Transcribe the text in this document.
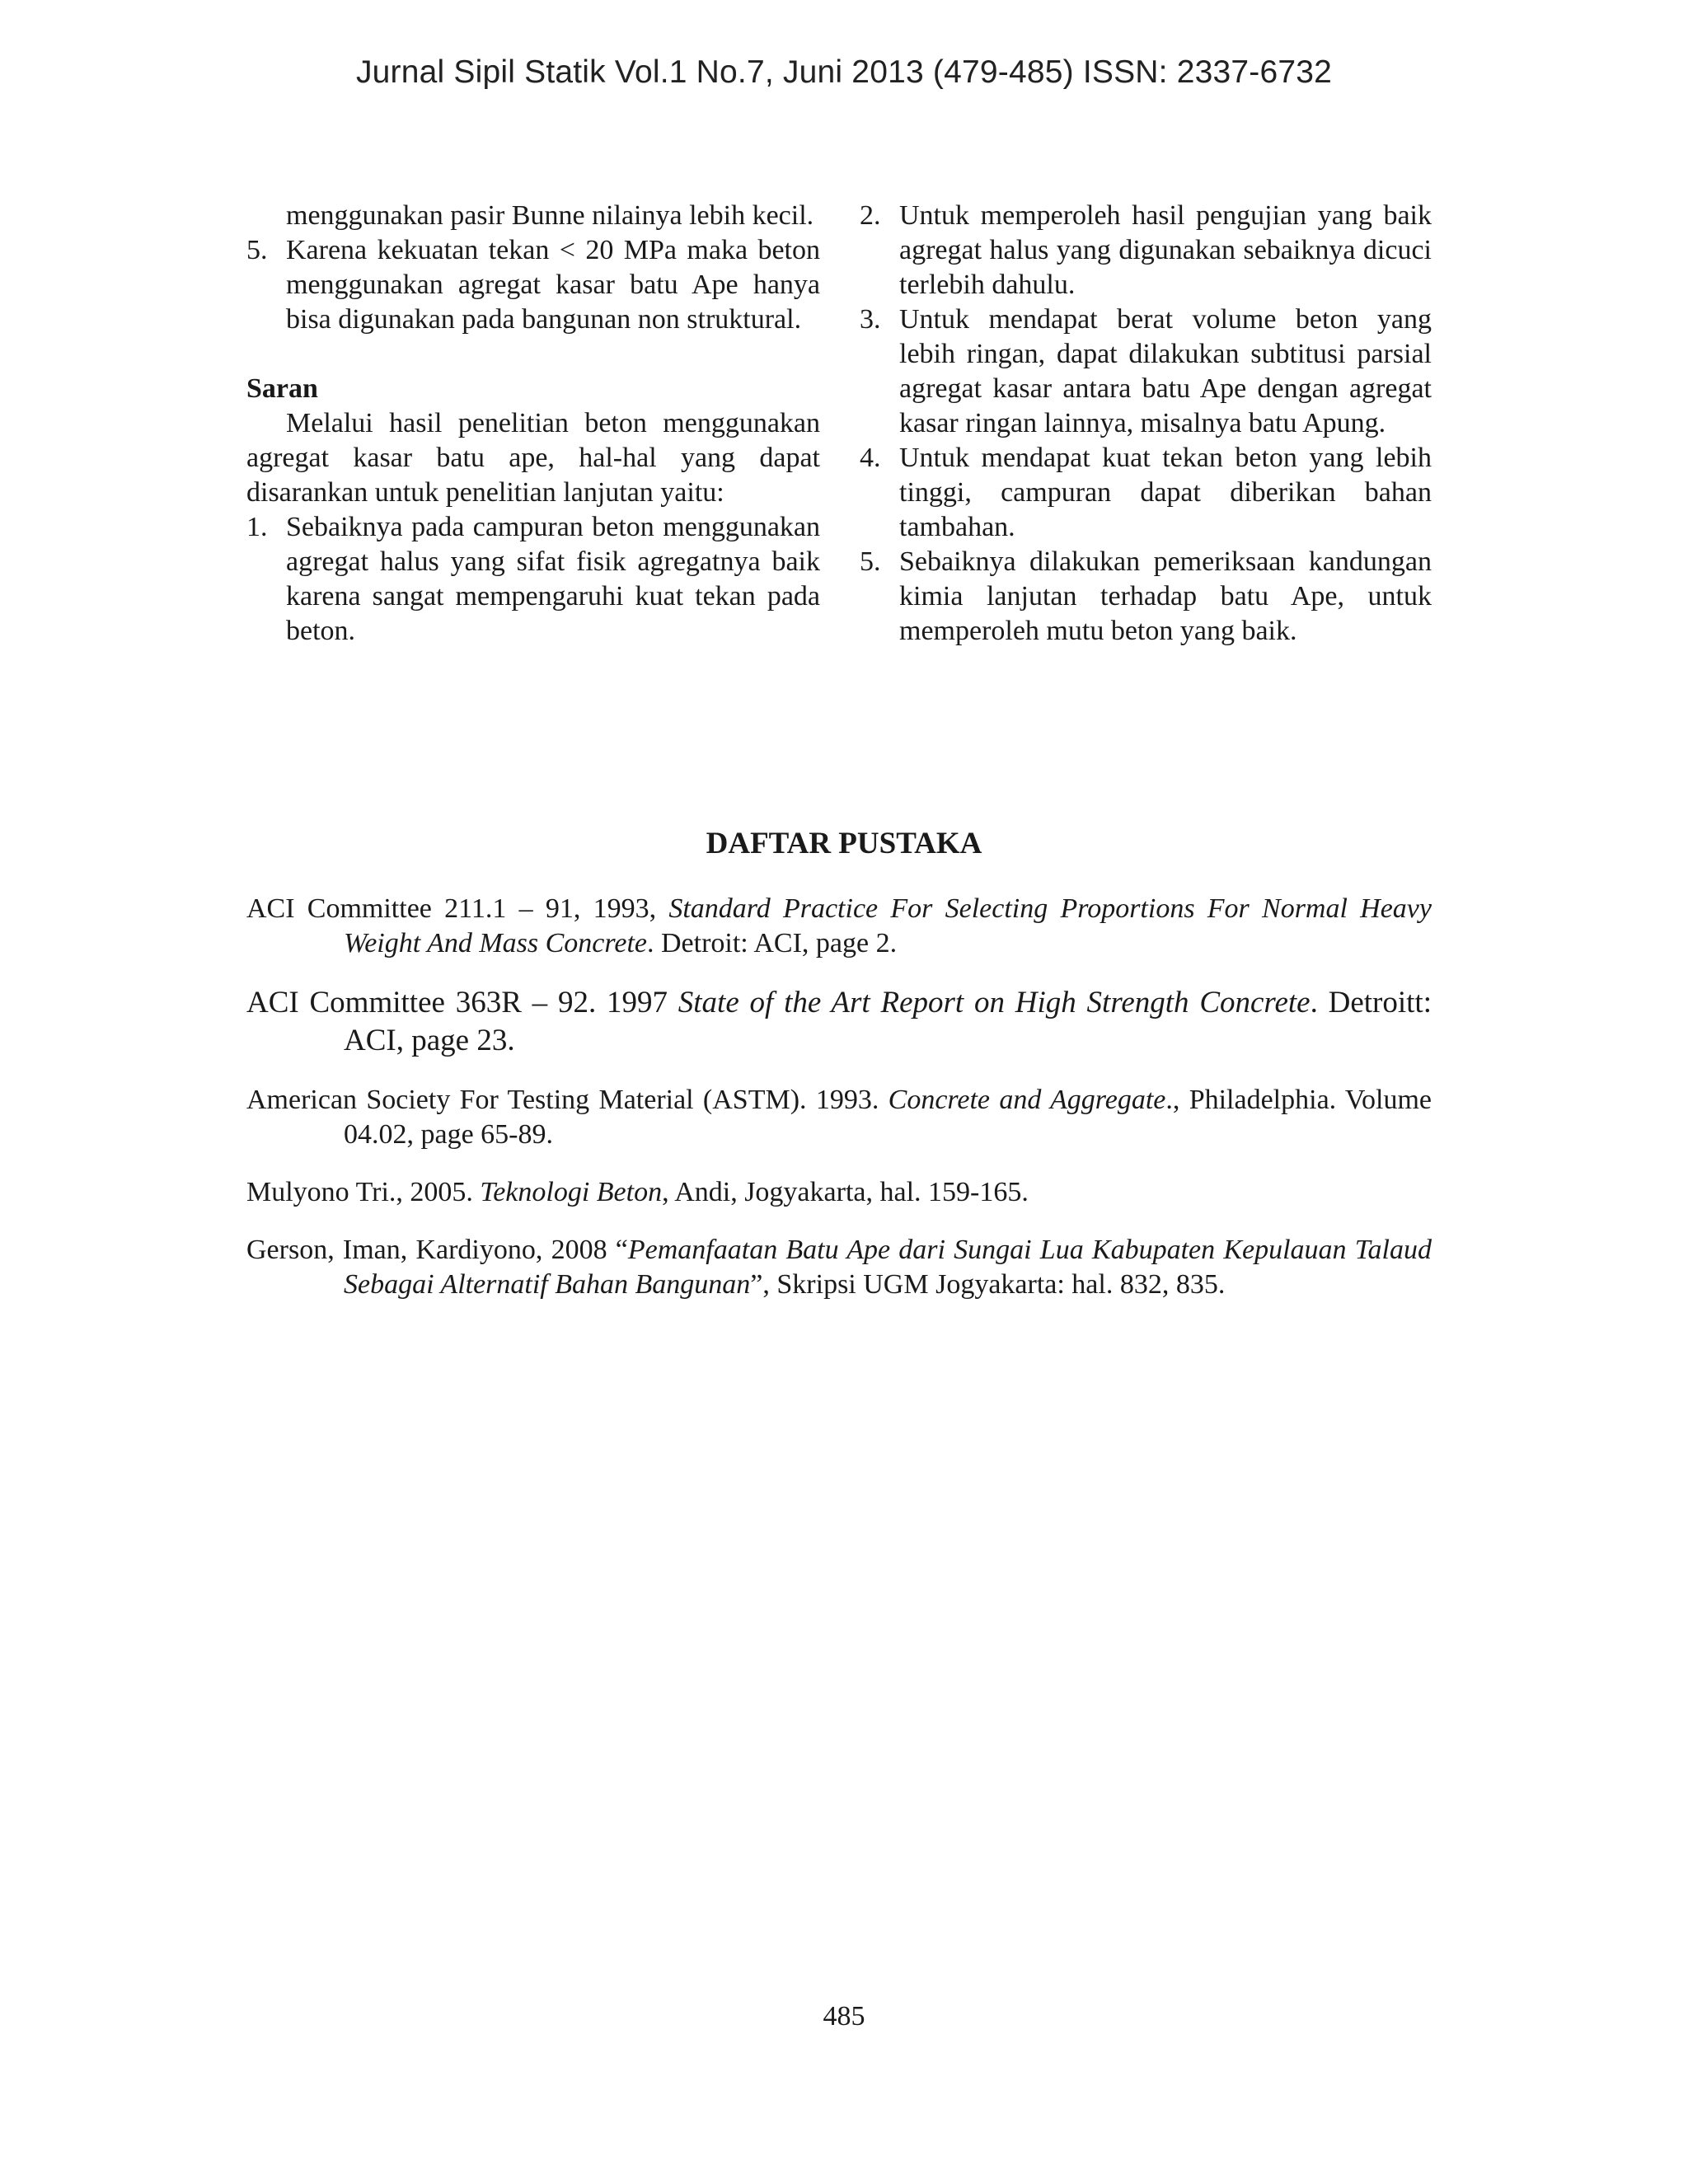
Jurnal Sipil Statik Vol.1 No.7, Juni 2013 (479-485) ISSN: 2337-6732
menggunakan pasir Bunne nilainya lebih kecil.
5. Karena kekuatan tekan < 20 MPa maka beton menggunakan agregat kasar batu Ape hanya bisa digunakan pada bangunan non struktural.
Saran
Melalui hasil penelitian beton menggunakan agregat kasar batu ape, hal-hal yang dapat disarankan untuk penelitian lanjutan yaitu:
1. Sebaiknya pada campuran beton menggunakan agregat halus yang sifat fisik agregatnya baik karena sangat mempengaruhi kuat tekan pada beton.
2. Untuk memperoleh hasil pengujian yang baik agregat halus yang digunakan sebaiknya dicuci terlebih dahulu.
3. Untuk mendapat berat volume beton yang lebih ringan, dapat dilakukan subtitusi parsial agregat kasar antara batu Ape dengan agregat kasar ringan lainnya, misalnya batu Apung.
4. Untuk mendapat kuat tekan beton yang lebih tinggi, campuran dapat diberikan bahan tambahan.
5. Sebaiknya dilakukan pemeriksaan kandungan kimia lanjutan terhadap batu Ape, untuk memperoleh mutu beton yang baik.
DAFTAR PUSTAKA
ACI Committee 211.1 – 91, 1993, Standard Practice For Selecting Proportions For Normal Heavy Weight And Mass Concrete. Detroit: ACI, page 2.
ACI Committee 363R – 92. 1997 State of the Art Report on High Strength Concrete. Detroitt: ACI, page 23.
American Society For Testing Material (ASTM). 1993. Concrete and Aggregate., Philadelphia. Volume 04.02, page 65-89.
Mulyono Tri., 2005. Teknologi Beton, Andi, Jogyakarta, hal. 159-165.
Gerson, Iman, Kardiyono, 2008 “Pemanfaatan Batu Ape dari Sungai Lua Kabupaten Kepulauan Talaud Sebagai Alternatif Bahan Bangunan”, Skripsi UGM Jogyakarta: hal. 832, 835.
485
